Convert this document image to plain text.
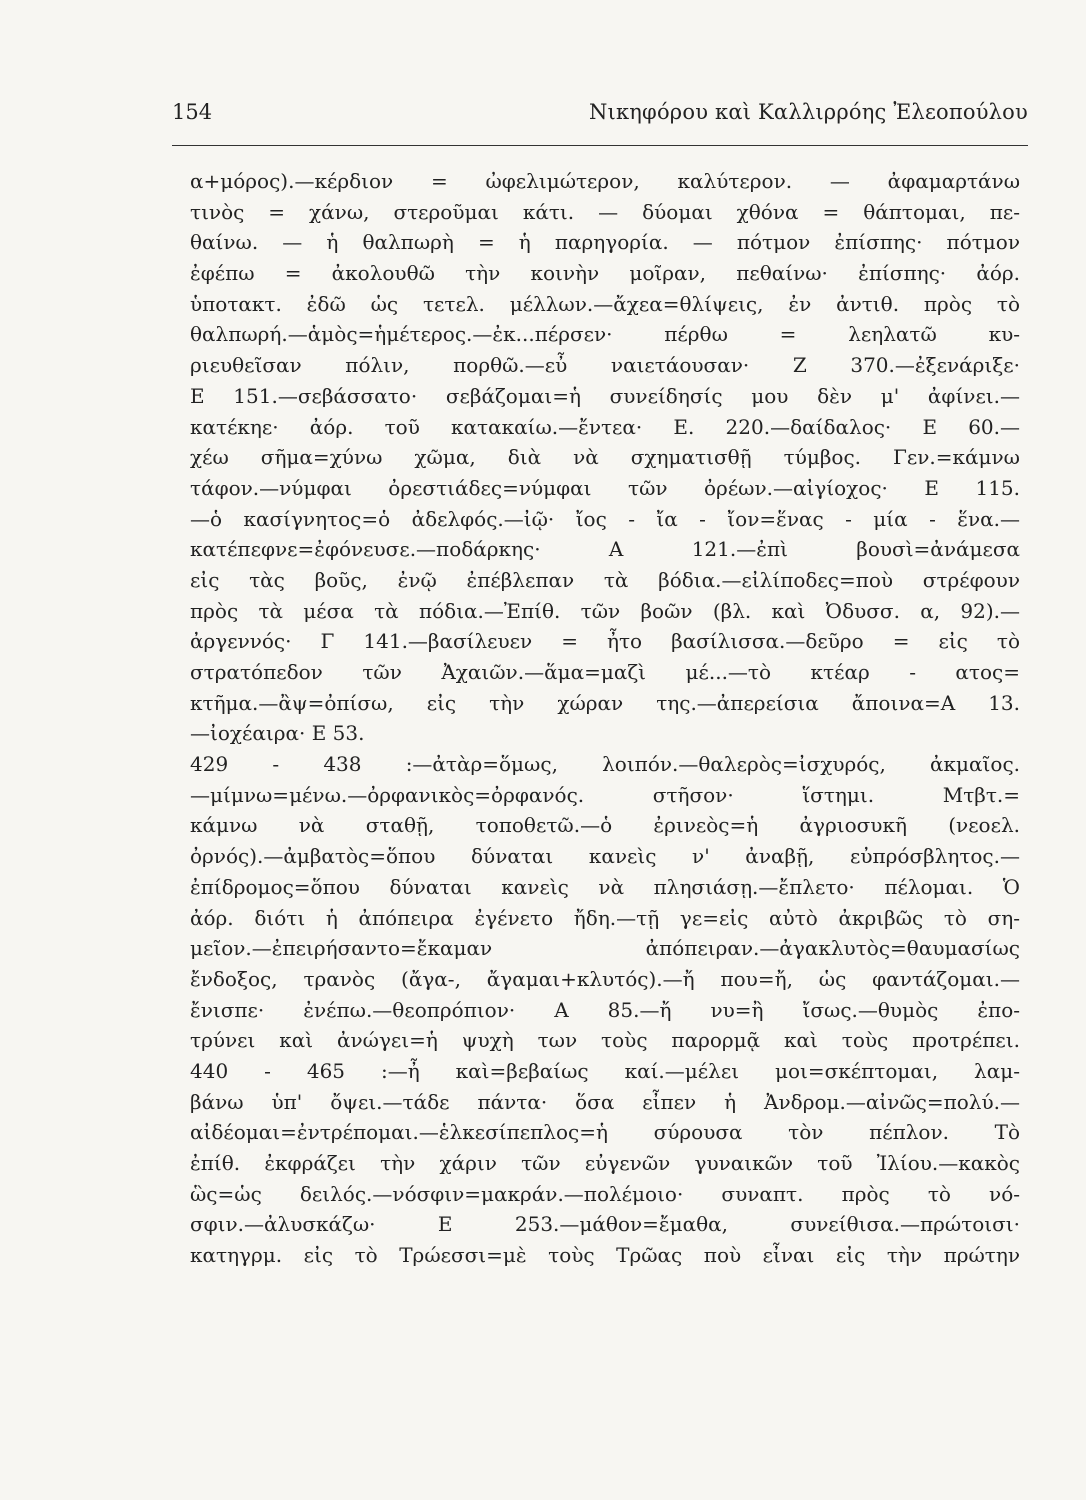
154	Νικηφόρου καὶ Καλλιρρόης Ἐλεοπούλου
α+μόρος).—κέρδιον = ὠφελιμώτερον, καλύτερον. — ἀφαμαρτάνω
τινὸς = χάνω, στεροῦμαι κάτι. — δύομαι χθόνα = θάπτομαι, πε-
θαίνω. — ἡ θαλπωρὴ = ἡ παρηγορία. — πότμον ἐπίσπης· πότμον
ἐφέπω = ἀκολουθῶ τὴν κοινὴν μοῖραν, πεθαίνω· ἐπίσπης· ἀόρ.
ὑποτακτ. ἐδῶ ὡς τετελ. μέλλων.—ἄχεα=θλίψεις, ἐν ἀντιθ. πρὸς τὸ
θαλπωρή.—ἁμὸς=ἡμέτερος.—ἐκ...πέρσεν· πέρθω = λεηλατῶ κυ-
ριευθεῖσαν πόλιν, πορθῶ.—εὖ ναιετάουσαν· Ζ 370.—ἐξενάριξε·
Ε 151.—σεβάσσατο· σεβάζομαι=ἡ συνείδησίς μου δὲν μ' ἀφίνει.—
κατέκηε· ἀόρ. τοῦ κατακαίω.—ἔντεα· Ε. 220.—δαίδαλος· Ε 60.—
χέω σῆμα=χύνω χῶμα, διὰ νὰ σχηματισθῇ τύμβος. Γεν.=κάμνω
τάφον.—νύμφαι ὀρεστιάδες=νύμφαι τῶν ὀρέων.—αἰγίοχος· Ε 115.
—ὁ κασίγνητος=ὁ ἀδελφός.—ἰῷ· ἴος - ἴα - ἴον=ἕνας - μία - ἕνα.—
κατέπεφνε=ἐφόνευσε.—ποδάρκης· Α 121.—ἐπὶ βουσὶ=ἀνάμεσα
εἰς τὰς βοῦς, ἐνῷ ἐπέβλεπαν τὰ βόδια.—εἰλίποδες=ποὺ στρέφουν
πρὸς τὰ μέσα τὰ πόδια.—Ἐπίθ. τῶν βοῶν (βλ. καὶ Ὀδυσσ. α, 92).—
ἀργεννός· Γ 141.—βασίλευεν = ἦτο βασίλισσα.—δεῦρο = εἰς τὸ
στρατόπεδον τῶν Ἀχαιῶν.—ἅμα=μαζὶ μέ...—τὸ κτέαρ - ατος=
κτῆμα.—ἂψ=ὀπίσω, εἰς τὴν χώραν της.—ἀπερείσια ἄποινα=Α 13.
—ἰοχέαιρα· Ε 53.
429 - 438 :—ἀτὰρ=ὅμως, λοιπόν.—θαλερὸς=ἰσχυρός, ἀκμαῖος.
—μίμνω=μένω.—ὀρφανικὸς=ὀρφανός. στῆσον· ἵστημι. Μτβτ.=
κάμνω νὰ σταθῇ, τοποθετῶ.—ὁ ἐρινεὸς=ἡ ἀγριοσυκῆ (νεοελ.
ὀρνός).—ἀμβατὸς=ὅπου δύναται κανεὶς ν' ἀναβῇ, εὐπρόσβλητος.—
ἐπίδρομος=ὅπου δύναται κανεὶς νὰ πλησιάσῃ.—ἔπλετο· πέλομαι. Ὁ
ἀόρ. διότι ἡ ἀπόπειρα ἐγένετο ἤδη.—τῇ γε=εἰς αὐτὸ ἀκριβῶς τὸ ση-
μεῖον.—ἐπειρήσαντο=ἔκαμαν ἀπόπειραν.—ἀγακλυτὸς=θαυμασίως
ἔνδοξος, τρανὸς (ἄγα-, ἄγαμαι+κλυτός).—ἤ που=ἤ, ὡς φαντάζομαι.—
ἔνισπε· ἐνέπω.—θεοπρόπιον· Α 85.—ἤ νυ=ἢ ἴσως.—θυμὸς ἐπο-
τρύνει καὶ ἀνώγει=ἡ ψυχὴ των τοὺς παρορμᾷ καὶ τοὺς προτρέπει.
440 - 465 :—ἦ καὶ=βεβαίως καί.—μέλει μοι=σκέπτομαι, λαμ-
βάνω ὑπ' ὄψει.—τάδε πάντα· ὅσα εἶπεν ἡ Ἀνδρομ.—αἰνῶς=πολύ.—
αἰδέομαι=ἐντρέπομαι.—ἑλκεσίπεπλος=ἡ σύρουσα τὸν πέπλον. Τὸ
ἐπίθ. ἐκφράζει τὴν χάριν τῶν εὐγενῶν γυναικῶν τοῦ Ἰλίου.—κακὸς
ὣς=ὡς δειλός.—νόσφιν=μακράν.—πολέμοιο· συναπτ. πρὸς τὸ νό-
σφιν.—ἀλυσκάζω· Ε 253.—μάθον=ἔμαθα, συνείθισα.—πρώτοισι·
κατηγρμ. εἰς τὸ Τρώεσσι=μὲ τοὺς Τρῶας ποὺ εἶναι εἰς τὴν πρώτην
